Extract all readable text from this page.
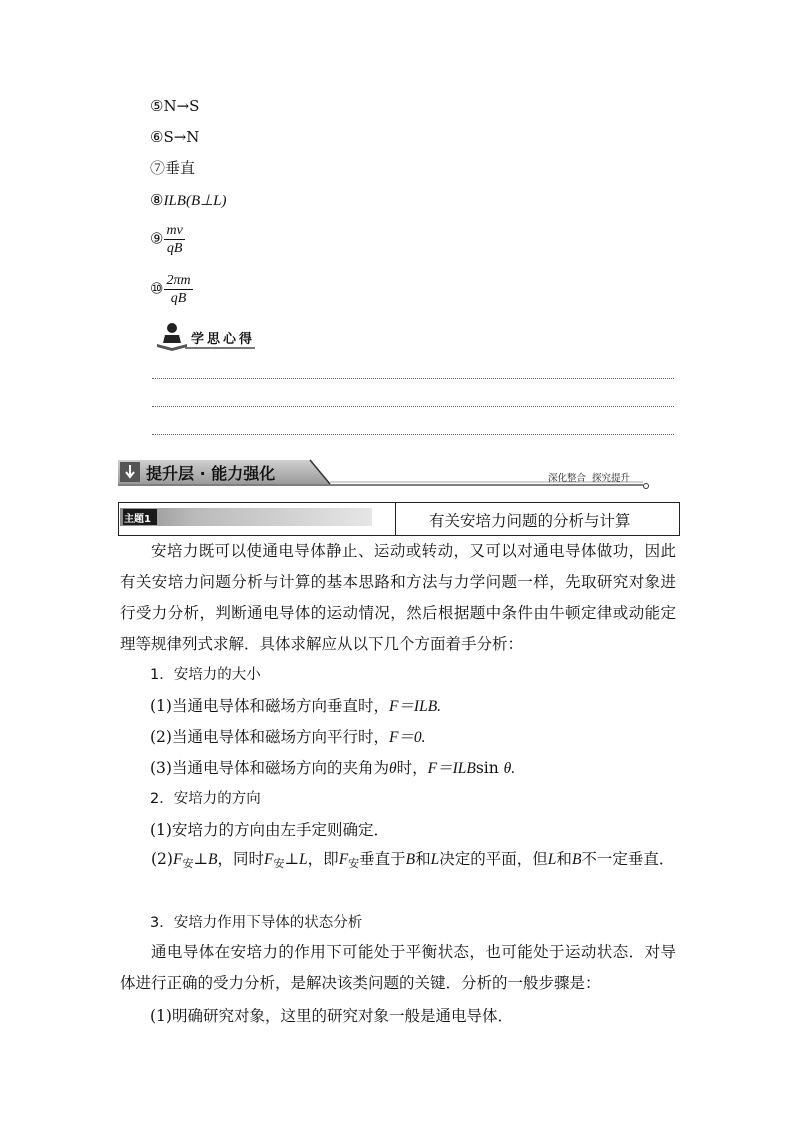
⑤N→S
⑥S→N
⑦垂直
⑧ILB(B⊥L)
⑨ $\frac{mv}{qB}$
⑩ $\frac{2\pi m}{qB}$
学思心得
提升层 · 能力强化	深化整合  探究提升
主题1	有关安培力问题的分析与计算
安培力既可以使通电导体静止、运动或转动，又可以对通电导体做功，因此有关安培力问题分析与计算的基本思路和方法与力学问题一样，先取研究对象进行受力分析，判断通电导体的运动情况，然后根据题中条件由牛顿定律或动能定理等规律列式求解．具体求解应从以下几个方面着手分析：
1．安培力的大小
(1)当通电导体和磁场方向垂直时，F＝ILB.
(2)当通电导体和磁场方向平行时，F＝0.
(3)当通电导体和磁场方向的夹角为θ时，F＝ILBsin θ.
2．安培力的方向
(1)安培力的方向由左手定则确定．
$(2)F_安\perp B$，同时$F_安\perp L$，即$F_安$垂直于B和L决定的平面，但L和B不一定垂直．
3．安培力作用下导体的状态分析
通电导体在安培力的作用下可能处于平衡状态，也可能处于运动状态．对导体进行正确的受力分析，是解决该类问题的关键．分析的一般步骤是：
(1)明确研究对象，这里的研究对象一般是通电导体．
